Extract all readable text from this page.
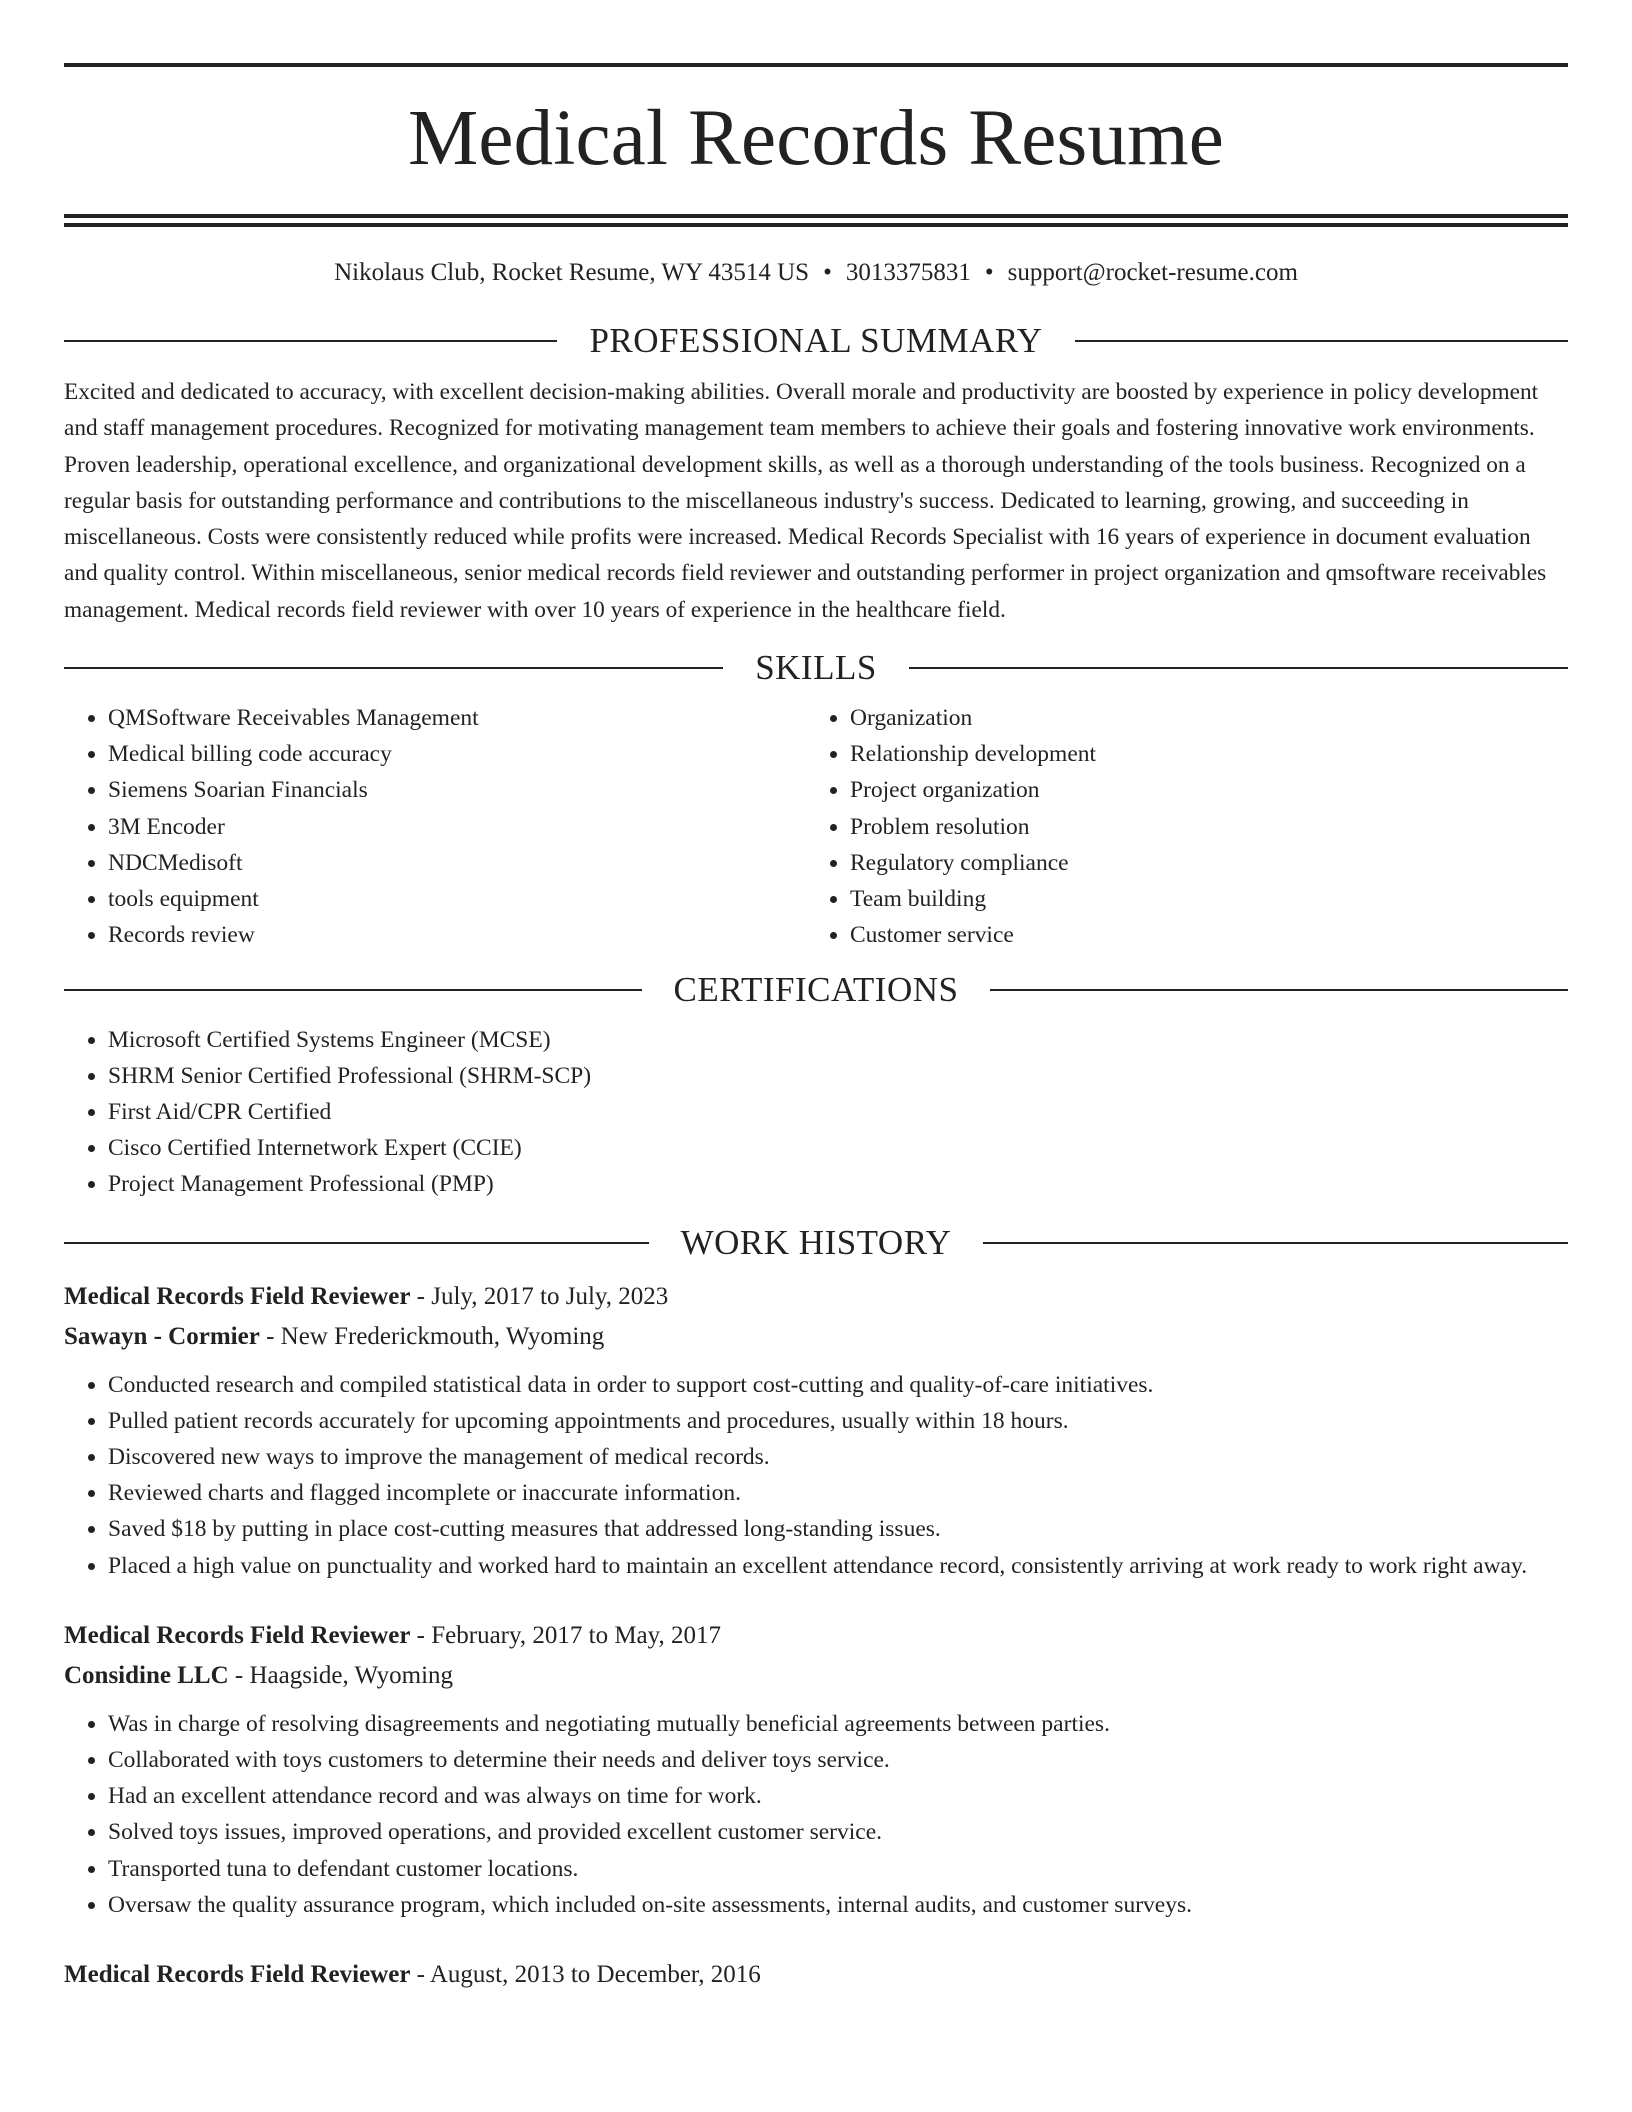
Medical Records Resume
Nikolaus Club, Rocket Resume, WY 43514 US • 3013375831 • support@rocket-resume.com
PROFESSIONAL SUMMARY
Excited and dedicated to accuracy, with excellent decision-making abilities. Overall morale and productivity are boosted by experience in policy development and staff management procedures. Recognized for motivating management team members to achieve their goals and fostering innovative work environments. Proven leadership, operational excellence, and organizational development skills, as well as a thorough understanding of the tools business. Recognized on a regular basis for outstanding performance and contributions to the miscellaneous industry's success. Dedicated to learning, growing, and succeeding in miscellaneous. Costs were consistently reduced while profits were increased. Medical Records Specialist with 16 years of experience in document evaluation and quality control. Within miscellaneous, senior medical records field reviewer and outstanding performer in project organization and qmsoftware receivables management. Medical records field reviewer with over 10 years of experience in the healthcare field.
SKILLS
• QMSoftware Receivables Management
• Medical billing code accuracy
• Siemens Soarian Financials
• 3M Encoder
• NDCMedisoft
• tools equipment
• Records review
• Organization
• Relationship development
• Project organization
• Problem resolution
• Regulatory compliance
• Team building
• Customer service
CERTIFICATIONS
• Microsoft Certified Systems Engineer (MCSE)
• SHRM Senior Certified Professional (SHRM-SCP)
• First Aid/CPR Certified
• Cisco Certified Internetwork Expert (CCIE)
• Project Management Professional (PMP)
WORK HISTORY
Medical Records Field Reviewer - July, 2017 to July, 2023
Sawayn - Cormier - New Frederickmouth, Wyoming
• Conducted research and compiled statistical data in order to support cost-cutting and quality-of-care initiatives.
• Pulled patient records accurately for upcoming appointments and procedures, usually within 18 hours.
• Discovered new ways to improve the management of medical records.
• Reviewed charts and flagged incomplete or inaccurate information.
• Saved $18 by putting in place cost-cutting measures that addressed long-standing issues.
• Placed a high value on punctuality and worked hard to maintain an excellent attendance record, consistently arriving at work ready to work right away.
Medical Records Field Reviewer - February, 2017 to May, 2017
Considine LLC - Haagside, Wyoming
• Was in charge of resolving disagreements and negotiating mutually beneficial agreements between parties.
• Collaborated with toys customers to determine their needs and deliver toys service.
• Had an excellent attendance record and was always on time for work.
• Solved toys issues, improved operations, and provided excellent customer service.
• Transported tuna to defendant customer locations.
• Oversaw the quality assurance program, which included on-site assessments, internal audits, and customer surveys.
Medical Records Field Reviewer - August, 2013 to December, 2016
